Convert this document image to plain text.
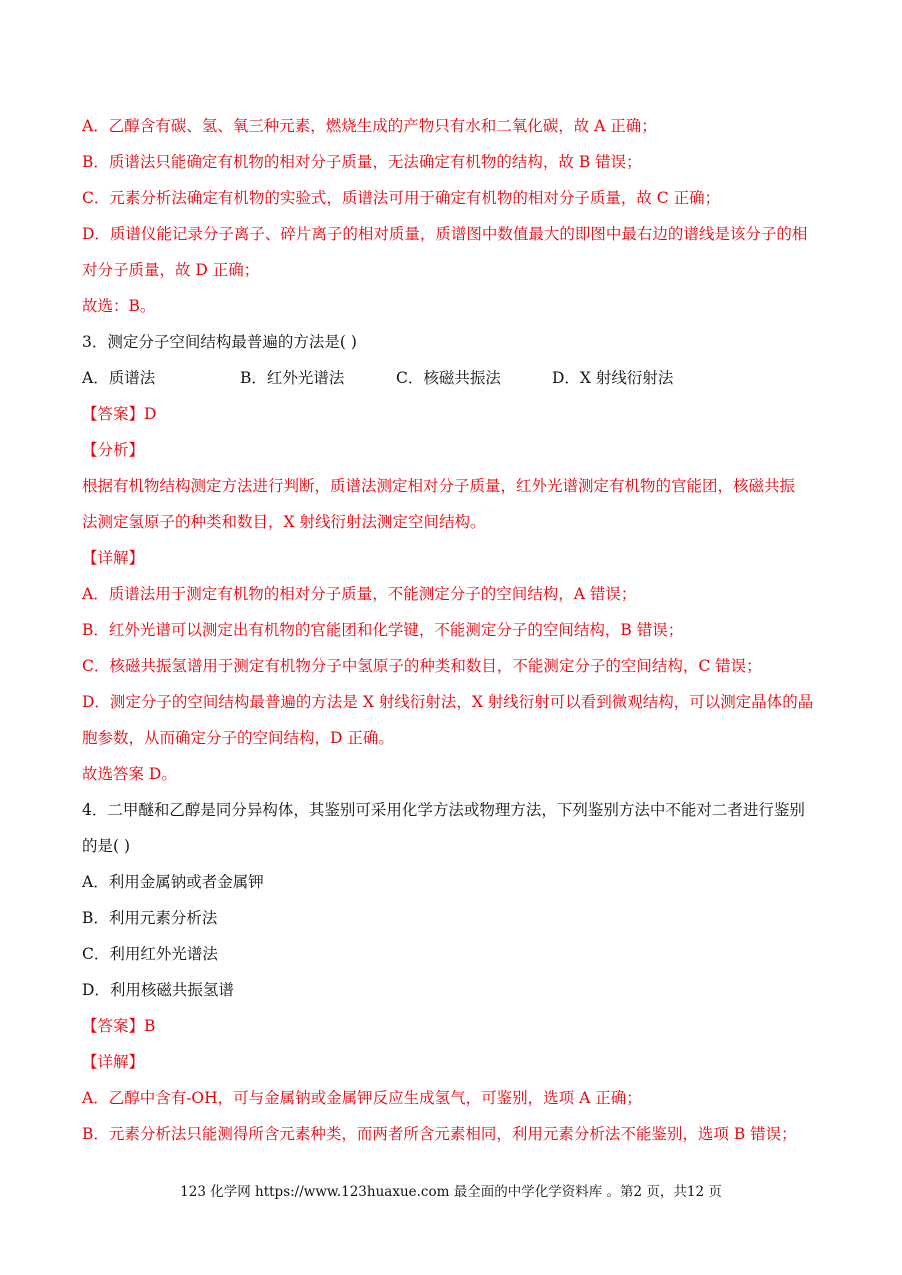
A．乙醇含有碳、氢、氧三种元素，燃烧生成的产物只有水和二氧化碳，故 A 正确；
B．质谱法只能确定有机物的相对分子质量，无法确定有机物的结构，故 B 错误；
C．元素分析法确定有机物的实验式，质谱法可用于确定有机物的相对分子质量，故 C 正确；
D．质谱仪能记录分子离子、碎片离子的相对质量，质谱图中数值最大的即图中最右边的谱线是该分子的相
对分子质量，故 D 正确；
故选：B。
3．测定分子空间结构最普遍的方法是( )
A．质谱法	B．红外光谱法	C．核磁共振法	D．X 射线衍射法
【答案】D
【分析】
根据有机物结构测定方法进行判断，质谱法测定相对分子质量，红外光谱测定有机物的官能团，核磁共振
法测定氢原子的种类和数目，X 射线衍射法测定空间结构。
【详解】
A．质谱法用于测定有机物的相对分子质量，不能测定分子的空间结构，A 错误；
B．红外光谱可以测定出有机物的官能团和化学键，不能测定分子的空间结构，B 错误；
C．核磁共振氢谱用于测定有机物分子中氢原子的种类和数目，不能测定分子的空间结构，C 错误；
D．测定分子的空间结构最普遍的方法是 X 射线衍射法，X 射线衍射可以看到微观结构，可以测定晶体的晶
胞参数，从而确定分子的空间结构，D 正确。
故选答案 D。
4．二甲醚和乙醇是同分异构体，其鉴别可采用化学方法或物理方法，下列鉴别方法中不能对二者进行鉴别
的是( )
A．利用金属钠或者金属钾
B．利用元素分析法
C．利用红外光谱法
D．利用核磁共振氢谱
【答案】B
【详解】
A．乙醇中含有-OH，可与金属钠或金属钾反应生成氢气，可鉴别，选项 A 正确；
B．元素分析法只能测得所含元素种类，而两者所含元素相同，利用元素分析法不能鉴别，选项 B 错误；
123 化学网 https://www.123huaxue.com 最全面的中学化学资料库 。第2 页，共12 页
